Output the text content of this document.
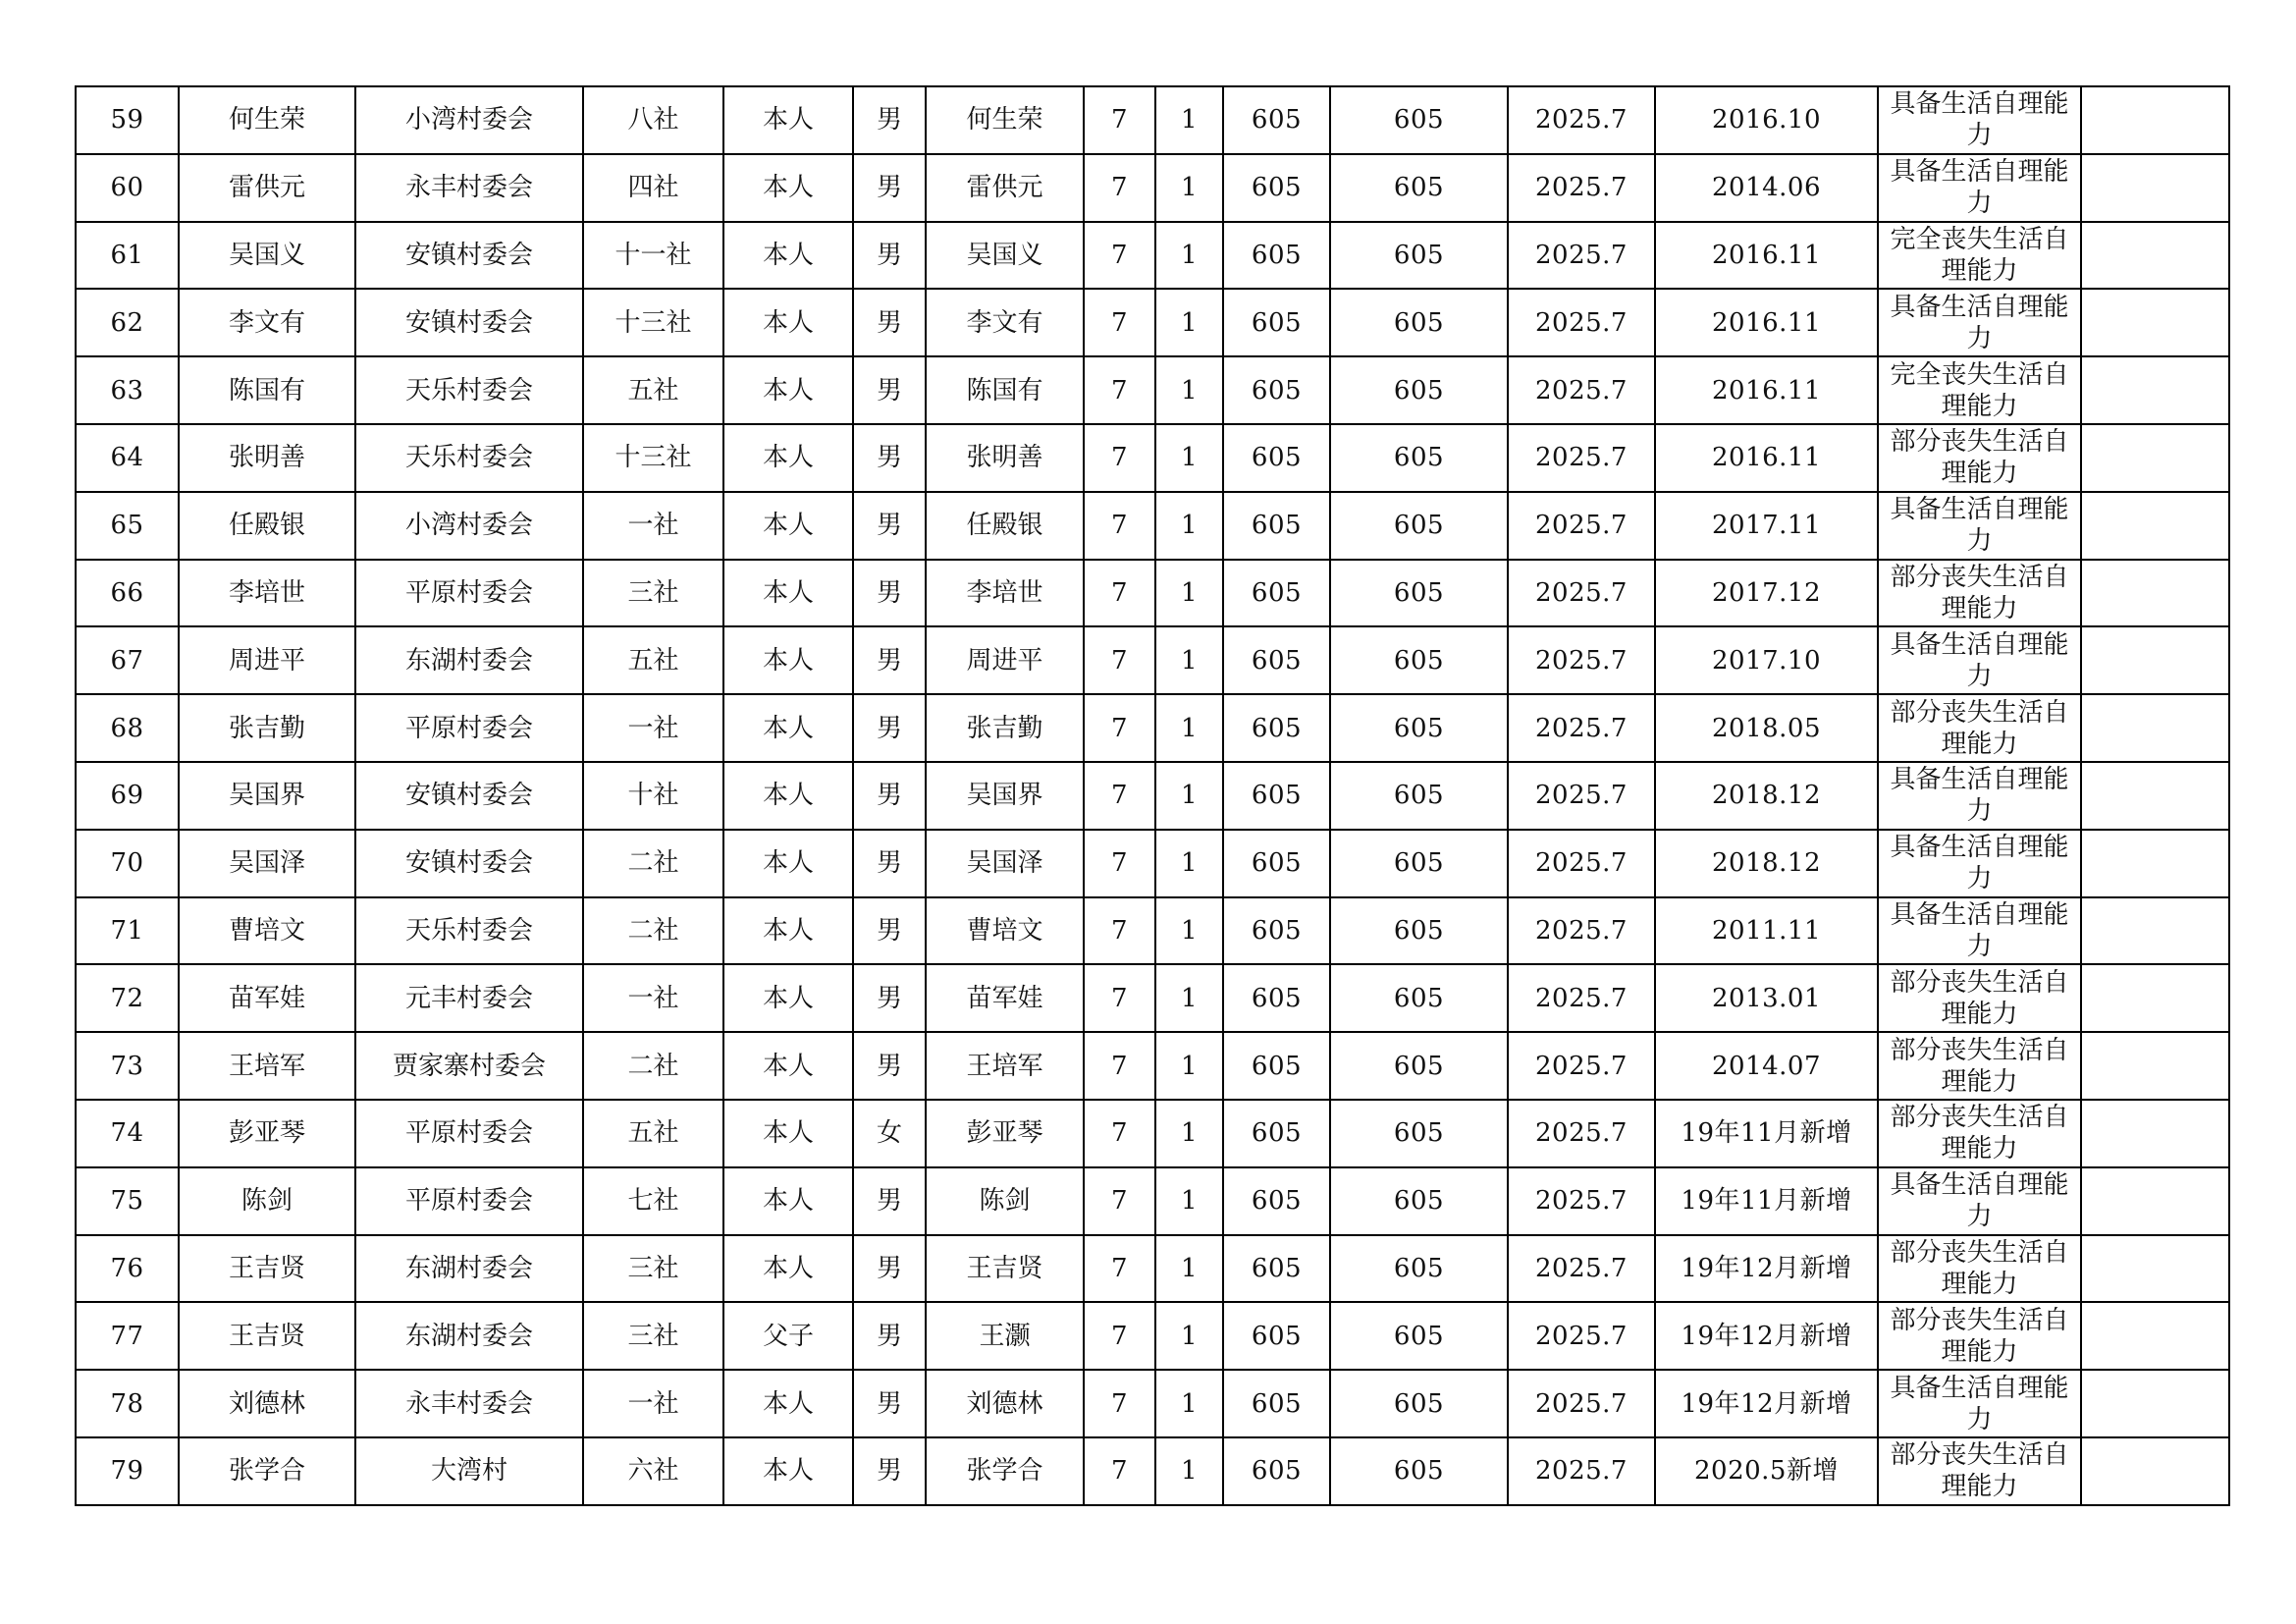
59	何生荣	小湾村委会	八社	本人	男	何生荣	7	1	605	605	2025.7	2016.10	具备生活自理能力	
60	雷供元	永丰村委会	四社	本人	男	雷供元	7	1	605	605	2025.7	2014.06	具备生活自理能力	
61	吴国义	安镇村委会	十一社	本人	男	吴国义	7	1	605	605	2025.7	2016.11	完全丧失生活自理能力	
62	李文有	安镇村委会	十三社	本人	男	李文有	7	1	605	605	2025.7	2016.11	具备生活自理能力	
63	陈国有	天乐村委会	五社	本人	男	陈国有	7	1	605	605	2025.7	2016.11	完全丧失生活自理能力	
64	张明善	天乐村委会	十三社	本人	男	张明善	7	1	605	605	2025.7	2016.11	部分丧失生活自理能力	
65	任殿银	小湾村委会	一社	本人	男	任殿银	7	1	605	605	2025.7	2017.11	具备生活自理能力	
66	李培世	平原村委会	三社	本人	男	李培世	7	1	605	605	2025.7	2017.12	部分丧失生活自理能力	
67	周进平	东湖村委会	五社	本人	男	周进平	7	1	605	605	2025.7	2017.10	具备生活自理能力	
68	张吉勤	平原村委会	一社	本人	男	张吉勤	7	1	605	605	2025.7	2018.05	部分丧失生活自理能力	
69	吴国界	安镇村委会	十社	本人	男	吴国界	7	1	605	605	2025.7	2018.12	具备生活自理能力	
70	吴国泽	安镇村委会	二社	本人	男	吴国泽	7	1	605	605	2025.7	2018.12	具备生活自理能力	
71	曹培文	天乐村委会	二社	本人	男	曹培文	7	1	605	605	2025.7	2011.11	具备生活自理能力	
72	苗军娃	元丰村委会	一社	本人	男	苗军娃	7	1	605	605	2025.7	2013.01	部分丧失生活自理能力	
73	王培军	贾家寨村委会	二社	本人	男	王培军	7	1	605	605	2025.7	2014.07	部分丧失生活自理能力	
74	彭亚琴	平原村委会	五社	本人	女	彭亚琴	7	1	605	605	2025.7	19年11月新增	部分丧失生活自理能力	
75	陈剑	平原村委会	七社	本人	男	陈剑	7	1	605	605	2025.7	19年11月新增	具备生活自理能力	
76	王吉贤	东湖村委会	三社	本人	男	王吉贤	7	1	605	605	2025.7	19年12月新增	部分丧失生活自理能力	
77	王吉贤	东湖村委会	三社	父子	男	王灏	7	1	605	605	2025.7	19年12月新增	部分丧失生活自理能力	
78	刘德林	永丰村委会	一社	本人	男	刘德林	7	1	605	605	2025.7	19年12月新增	具备生活自理能力	
79	张学合	大湾村	六社	本人	男	张学合	7	1	605	605	2025.7	2020.5新增	部分丧失生活自理能力	
